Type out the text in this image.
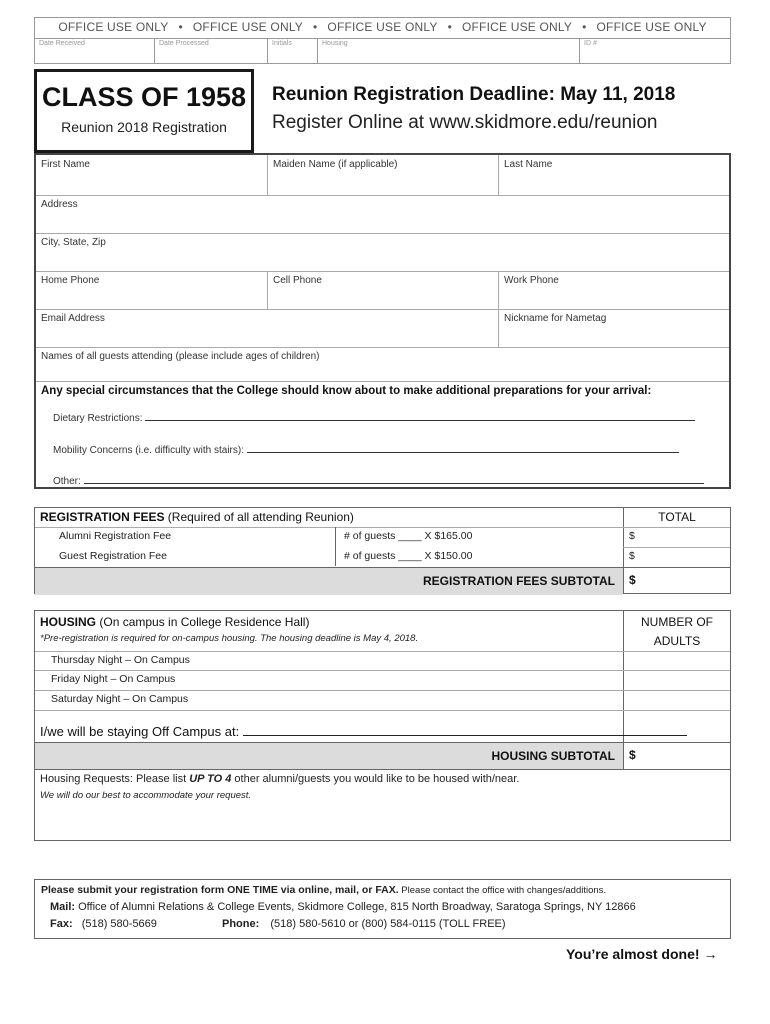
OFFICE USE ONLY • OFFICE USE ONLY • OFFICE USE ONLY • OFFICE USE ONLY • OFFICE USE ONLY
Date Received	Date Processed	Initials	Housing	ID #
CLASS OF 1958
Reunion 2018 Registration
Reunion Registration Deadline: May 11, 2018
Register Online at www.skidmore.edu/reunion
First Name	Maiden Name (if applicable)	Last Name
Address
City, State, Zip
Home Phone	Cell Phone	Work Phone
Email Address	Nickname for Nametag
Names of all guests attending (please include ages of children)
Any special circumstances that the College should know about to make additional preparations for your arrival:
Dietary Restrictions:
Mobility Concerns (i.e. difficulty with stairs):
Other:
REGISTRATION FEES (Required of all attending Reunion)	TOTAL
Alumni Registration Fee	# of guests ____ X $165.00	$
Guest Registration Fee	# of guests ____ X $150.00	$
REGISTRATION FEES SUBTOTAL $
HOUSING (On campus in College Residence Hall)
*Pre-registration is required for on-campus housing. The housing deadline is May 4, 2018.
NUMBER OF
ADULTS
Thursday Night – On Campus
Friday Night – On Campus
Saturday Night – On Campus
I/we will be staying Off Campus at:
HOUSING SUBTOTAL $
Housing Requests: Please list UP TO 4 other alumni/guests you would like to be housed with/near.
We will do our best to accommodate your request.
Please submit your registration form ONE TIME via online, mail, or FAX. Please contact the office with changes/additions.
Mail: Office of Alumni Relations & College Events, Skidmore College, 815 North Broadway, Saratoga Springs, NY 12866
Fax: (518) 580-5669	Phone: (518) 580-5610 or (800) 584-0115 (TOLL FREE)
You’re almost done! →
